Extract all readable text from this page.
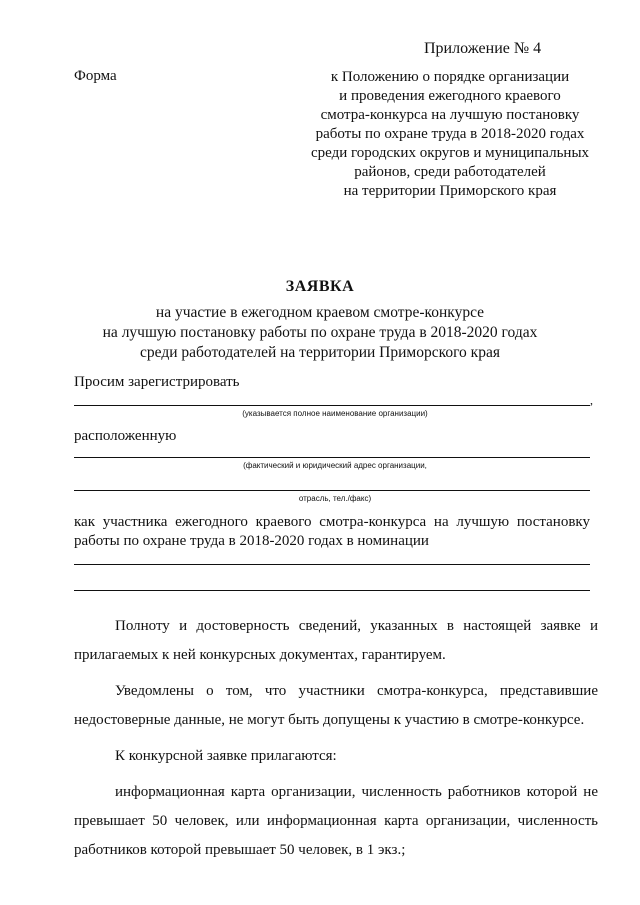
Приложение № 4
Форма	к Положению о порядке организации
и проведения ежегодного краевого
смотра-конкурса на лучшую постановку
работы по охране труда в 2018-2020 годах
среди городских округов и муниципальных
районов, среди работодателей
на территории Приморского края
ЗАЯВКА
на участие в ежегодном краевом смотре-конкурсе
на лучшую постановку работы по охране труда в 2018-2020 годах
среди работодателей на территории Приморского края
Просим зарегистрировать
,
(указывается полное наименование организации)
расположенную
(фактический и юридический адрес организации,
отрасль, тел./факс)
как участника ежегодного краевого смотра-конкурса на лучшую постановку
работы по охране труда в 2018-2020 годах в номинации
Полноту и достоверность сведений, указанных в настоящей заявке и прилагаемых к ней конкурсных документах, гарантируем.
Уведомлены о том, что участники смотра-конкурса, представившие недостоверные данные, не могут быть допущены к участию в смотре-конкурсе.
К конкурсной заявке прилагаются:
информационная карта организации, численность работников которой не превышает 50 человек, или информационная карта организации, численность работников которой превышает 50 человек, в 1 экз.;
